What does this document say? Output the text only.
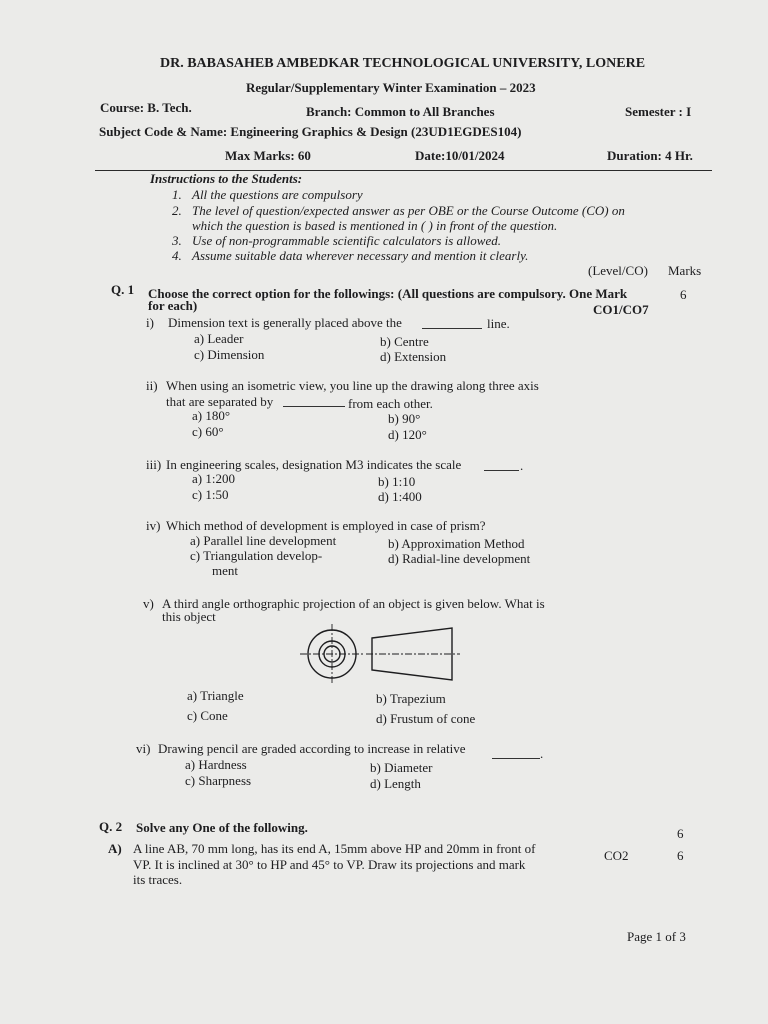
DR. BABASAHEB AMBEDKAR TECHNOLOGICAL UNIVERSITY, LONERE
Regular/Supplementary Winter Examination – 2023
Course: B. Tech.	Branch: Common to All Branches	Semester : I
Subject Code & Name: Engineering Graphics & Design (23UD1EGDES104)
Max Marks: 60	Date:10/01/2024	Duration: 4 Hr.
Instructions to the Students:
1. All the questions are compulsory
2. The level of question/expected answer as per OBE or the Course Outcome (CO) on
which the question is based is mentioned in ( ) in front of the question.
3. Use of non-programmable scientific calculators is allowed.
4. Assume suitable data wherever necessary and mention it clearly.
(Level/CO) Marks
Q. 1 Choose the correct option for the followings: (All questions are compulsory. One Mark
for each)	CO1/CO7
6
i) Dimension text is generally placed above the	line.
a) Leader	b) Centre
c) Dimension	d) Extension
ii) When using an isometric view, you line up the drawing along three axis
that are separated by	from each other.
a) 180°	b) 90°
c) 60°	d) 120°
iii) In engineering scales, designation M3 indicates the scale	.
a) 1:200	b) 1:10
c) 1:50	d) 1:400
iv) Which method of development is employed in case of prism?
a) Parallel line development	b) Approximation Method
c) Triangulation develop-	d) Radial-line development
ment
v) A third angle orthographic projection of an object is given below. What is
this object
a) Triangle	b) Trapezium
c) Cone	d) Frustum of cone
vi) Drawing pencil are graded according to increase in relative	.
a) Hardness	b) Diameter
c) Sharpness	d) Length
Q. 2 Solve any One of the following.	6
A) A line AB, 70 mm long, has its end A, 15mm above HP and 20mm in front of
VP. It is inclined at 30° to HP and 45° to VP. Draw its projections and mark
its traces.
CO2	6
Page 1 of 3
